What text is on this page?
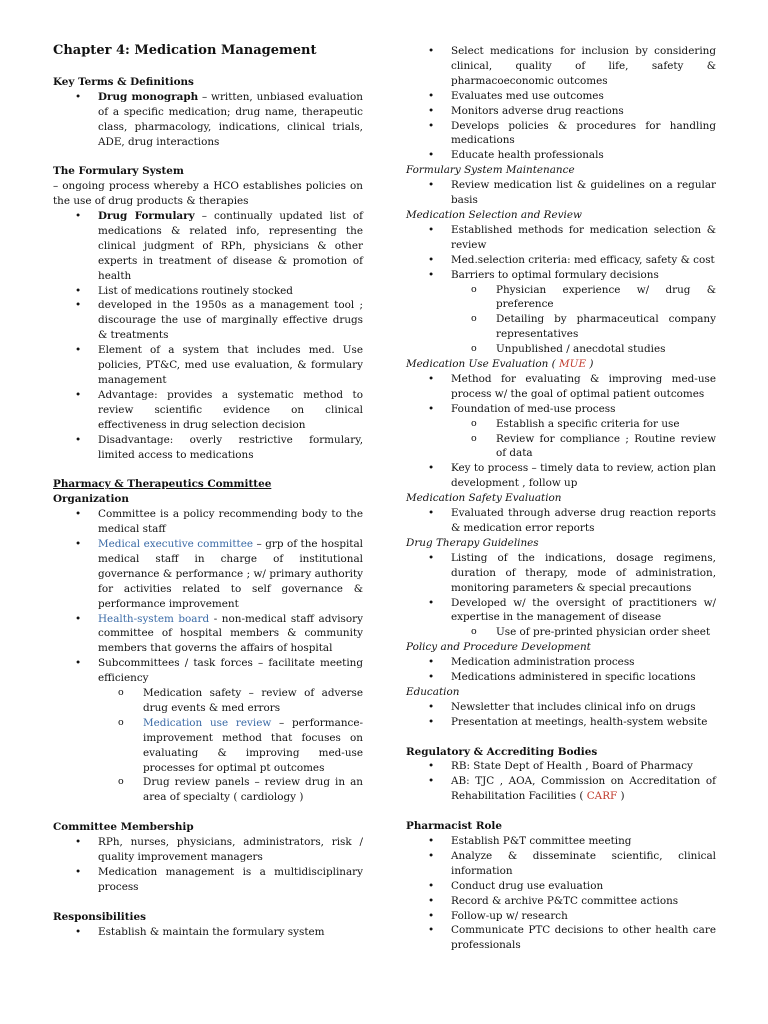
Chapter 4: Medication Management

Key Terms & Definitions

• Drug monograph – written, unbiased evaluation of a specific medication; drug name, therapeutic class, pharmacology, indications, clinical trials, ADE, drug interactions

The Formulary System

– ongoing process whereby a HCO establishes policies on the use of drug products & therapies

• Drug Formulary – continually updated list of medications & related info, representing the clinical judgment of RPh, physicians & other experts in treatment of disease & promotion of health
• List of medications routinely stocked
• developed in the 1950s as a management tool ; discourage the use of marginally effective drugs & treatments
• Element of a system that includes med. Use policies, PT&C, med use evaluation, & formulary management
• Advantage: provides a systematic method to review scientific evidence on clinical effectiveness in drug selection decision
• Disadvantage: overly restrictive formulary, limited access to medications

Pharmacy & Therapeutics Committee

Organization

• Committee is a policy recommending body to the medical staff
• Medical executive committee – grp of the hospital medical staff in charge of institutional governance & performance ; w/ primary authority for activities related to self governance & performance improvement
• Health-system board - non-medical staff advisory committee of hospital members & community members that governs the affairs of hospital
• Subcommittees / task forces – facilitate meeting efficiency
o Medication safety – review of adverse drug events & med errors
o Medication use review – performance-improvement method that focuses on evaluating & improving med-use processes for optimal pt outcomes
o Drug review panels – review drug in an area of specialty ( cardiology )

Committee Membership

• RPh, nurses, physicians, administrators, risk / quality improvement managers
• Medication management is a multidisciplinary process

Responsibilities

• Establish & maintain the formulary system
• Select medications for inclusion by considering clinical, quality of life, safety & pharmacoeconomic outcomes
• Evaluates med use outcomes
• Monitors adverse drug reactions
• Develops policies & procedures for handling medications
• Educate health professionals

Formulary System Maintenance

• Review medication list & guidelines on a regular basis

Medication Selection and Review

• Established methods for medication selection & review
• Med.selection criteria: med efficacy, safety & cost
• Barriers to optimal formulary decisions
o Physician experience w/ drug & preference
o Detailing by pharmaceutical company representatives
o Unpublished / anecdotal studies

Medication Use Evaluation ( MUE )

• Method for evaluating & improving med-use process w/ the goal of optimal patient outcomes
• Foundation of med-use process
o Establish a specific criteria for use
o Review for compliance ; Routine review of data
• Key to process – timely data to review, action plan development , follow up

Medication Safety Evaluation

• Evaluated through adverse drug reaction reports & medication error reports

Drug Therapy Guidelines

• Listing of the indications, dosage regimens, duration of therapy, mode of administration, monitoring parameters & special precautions
• Developed w/ the oversight of practitioners w/ expertise in the management of disease
o Use of pre-printed physician order sheet

Policy and Procedure Development

• Medication administration process
• Medications administered in specific locations

Education

• Newsletter that includes clinical info on drugs
• Presentation at meetings, health-system website

Regulatory & Accrediting Bodies

• RB: State Dept of Health , Board of Pharmacy
• AB: TJC , AOA, Commission on Accreditation of Rehabilitation Facilities ( CARF )

Pharmacist Role

• Establish P&T committee meeting
• Analyze & disseminate scientific, clinical information
• Conduct drug use evaluation
• Record & archive P&TC committee actions
• Follow-up w/ research
• Communicate PTC decisions to other health care professionals
